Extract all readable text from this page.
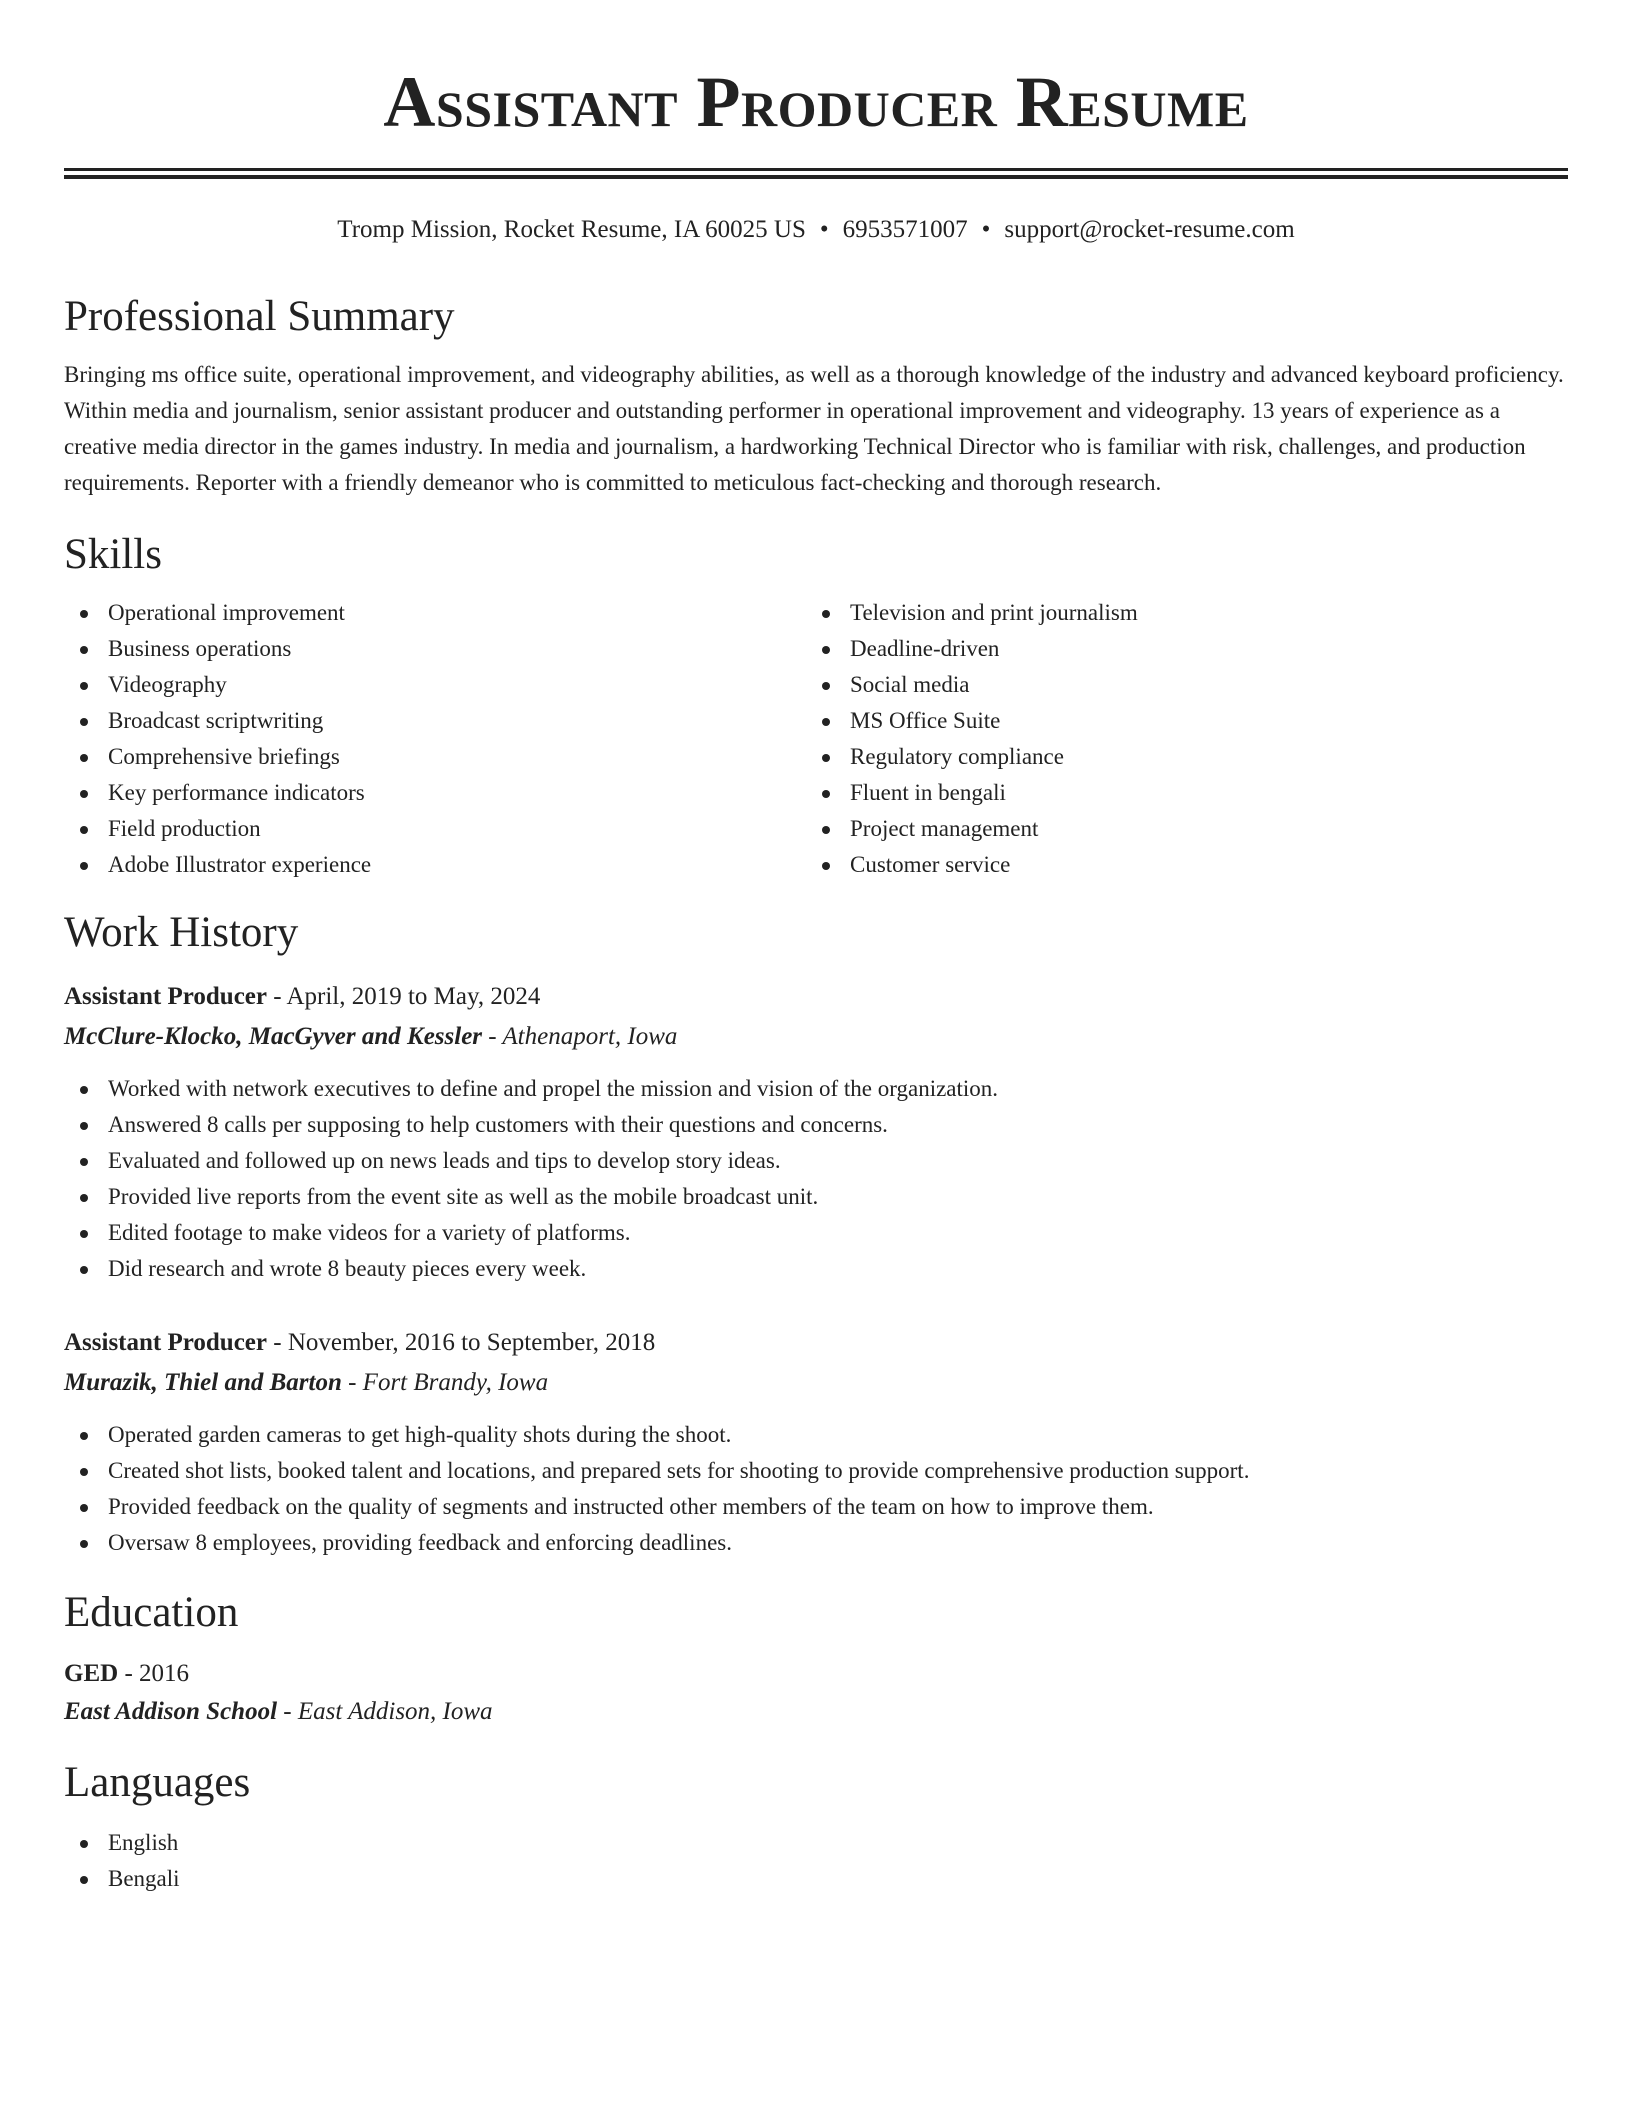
Assistant Producer Resume
Tromp Mission, Rocket Resume, IA 60025 US • 6953571007 • support@rocket-resume.com
Professional Summary

Bringing ms office suite, operational improvement, and videography abilities, as well as a thorough knowledge of the industry and advanced keyboard proficiency. Within media and journalism, senior assistant producer and outstanding performer in operational improvement and videography. 13 years of experience as a creative media director in the games industry. In media and journalism, a hardworking Technical Director who is familiar with risk, challenges, and production requirements. Reporter with a friendly demeanor who is committed to meticulous fact-checking and thorough research.

Skills
Operational improvement
Business operations
Videography
Broadcast scriptwriting
Comprehensive briefings
Key performance indicators
Field production
Adobe Illustrator experience
Television and print journalism
Deadline-driven
Social media
MS Office Suite
Regulatory compliance
Fluent in bengali
Project management
Customer service
Work History
Assistant Producer - April, 2019 to May, 2024
McClure-Klocko, MacGyver and Kessler - Athenaport, Iowa
Worked with network executives to define and propel the mission and vision of the organization.
Answered 8 calls per supposing to help customers with their questions and concerns.
Evaluated and followed up on news leads and tips to develop story ideas.
Provided live reports from the event site as well as the mobile broadcast unit.
Edited footage to make videos for a variety of platforms.
Did research and wrote 8 beauty pieces every week.
Assistant Producer - November, 2016 to September, 2018
Murazik, Thiel and Barton - Fort Brandy, Iowa
Operated garden cameras to get high-quality shots during the shoot.
Created shot lists, booked talent and locations, and prepared sets for shooting to provide comprehensive production support.
Provided feedback on the quality of segments and instructed other members of the team on how to improve them.
Oversaw 8 employees, providing feedback and enforcing deadlines.
Education
GED - 2016
East Addison School - East Addison, Iowa
Languages
English
Bengali
